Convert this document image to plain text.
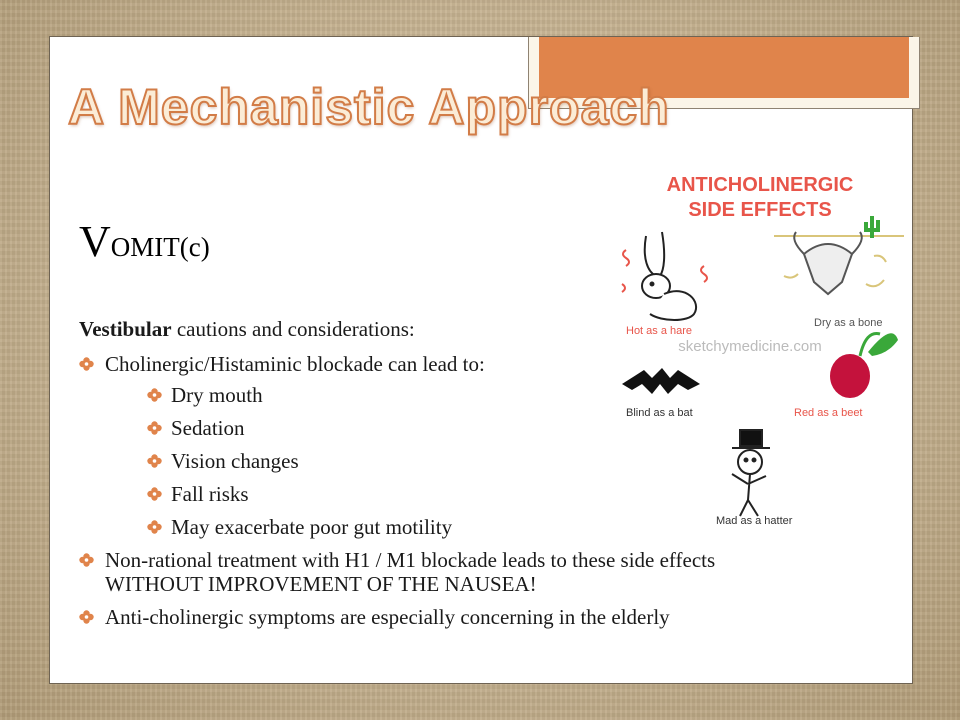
A Mechanistic Approach
VOMIT(c)

Vestibular cautions and considerations:

Cholinergic/Histaminic blockade can lead to:
Dry mouth
Sedation
Vision changes
Fall risks
May exacerbate poor gut motility
Non-rational treatment with H1 / M1 blockade leads to these side effects WITHOUT IMPROVEMENT OF THE NAUSEA!
Anti-cholinergic symptoms are especially concerning in the elderly
ANTICHOLINERGIC
SIDE EFFECTS
Hot as a hare
Dry as a bone
sketchymedicine.com
Blind as a bat	Red as a beet
Mad as a hatter
